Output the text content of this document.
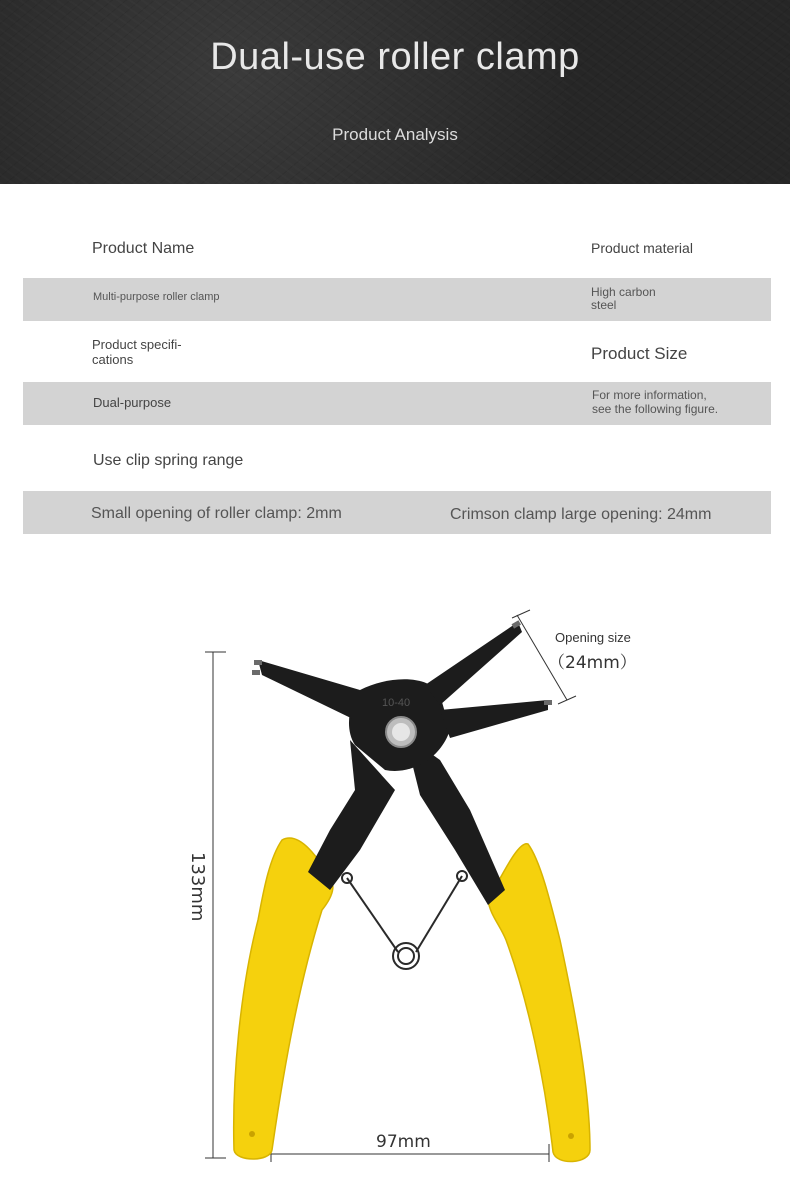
Dual-use roller clamp
Product Analysis
Product Name	Product material
Multi-purpose roller clamp	High carbon
steel
Product specifi-
cations	Product Size
Dual-purpose	For more information,
see the following figure.
Use clip spring range
Small opening of roller clamp: 2mm	Crimson clamp large opening: 24mm
10-40
Opening size
（24mm）
97mm
133mm
